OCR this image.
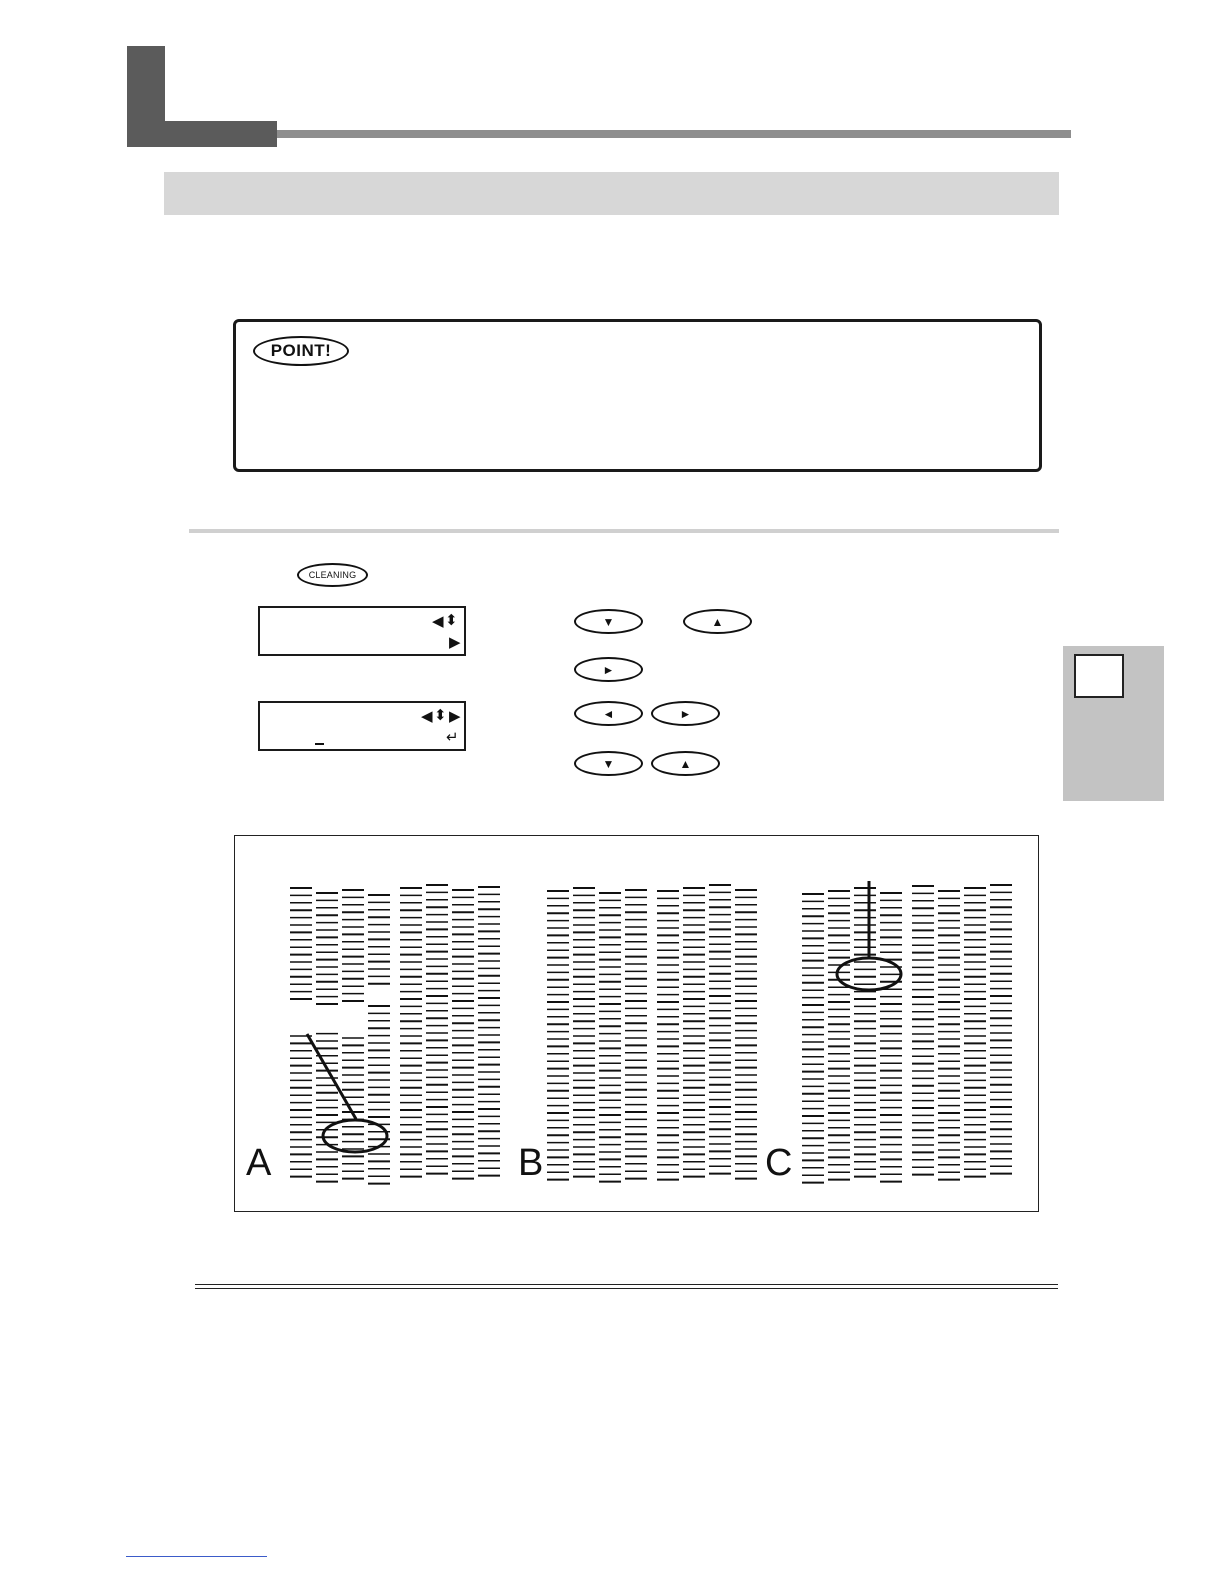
POINT!
CLEANING
◀ ⬍
▶
◀ ⬍ ▶
↵
▼	▲
►
◄	►
▼	▲
A	B	C
